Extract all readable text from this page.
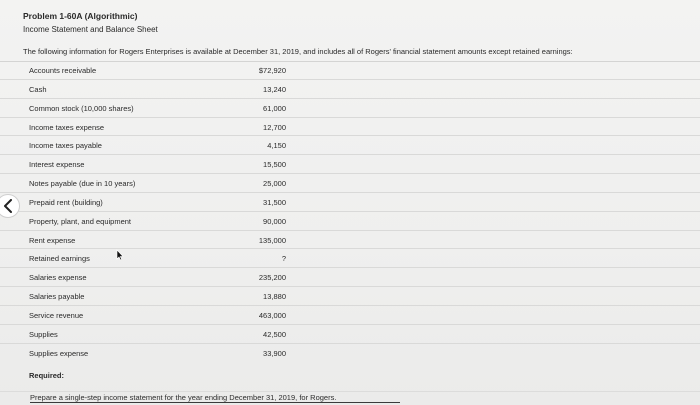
Problem 1-60A (Algorithmic)
Income Statement and Balance Sheet
The following information for Rogers Enterprises is available at December 31, 2019, and includes all of Rogers' financial statement amounts except retained earnings:
Accounts receivable	$72,920
Cash	13,240
Common stock (10,000 shares)	61,000
Income taxes expense	12,700
Income taxes payable	4,150
Interest expense	15,500
Notes payable (due in 10 years)	25,000
Prepaid rent (building)	31,500
Property, plant, and equipment	90,000
Rent expense	135,000
Retained earnings	?
Salaries expense	235,200
Salaries payable	13,880
Service revenue	463,000
Supplies	42,500
Supplies expense	33,900
Required:
Prepare a single-step income statement for the year ending December 31, 2019, for Rogers.
